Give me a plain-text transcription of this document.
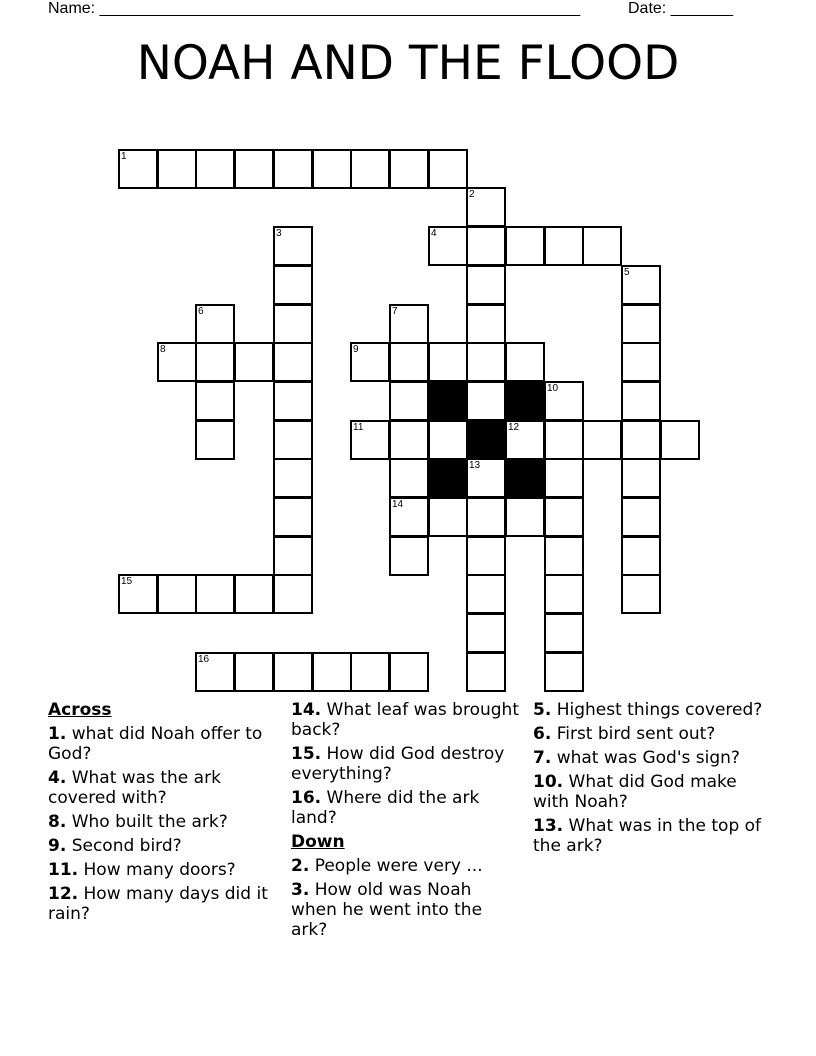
Name: ______________________________________________________	Date: _______
NOAH AND THE FLOOD
1
2
3	4
5
6	7
8	9
10
11	12
13
14
15
16
Across
1. what did Noah offer to God?
4. What was the ark covered with?
8. Who built the ark?
9. Second bird?
11. How many doors?
12. How many days did it rain?
14. What leaf was brought back?
15. How did God destroy everything?
16. Where did the ark land?
Down
2. People were very ...
3. How old was Noah when he went into the ark?
5. Highest things covered?
6. First bird sent out?
7. what was God's sign?
10. What did God make with Noah?
13. What was in the top of the ark?
